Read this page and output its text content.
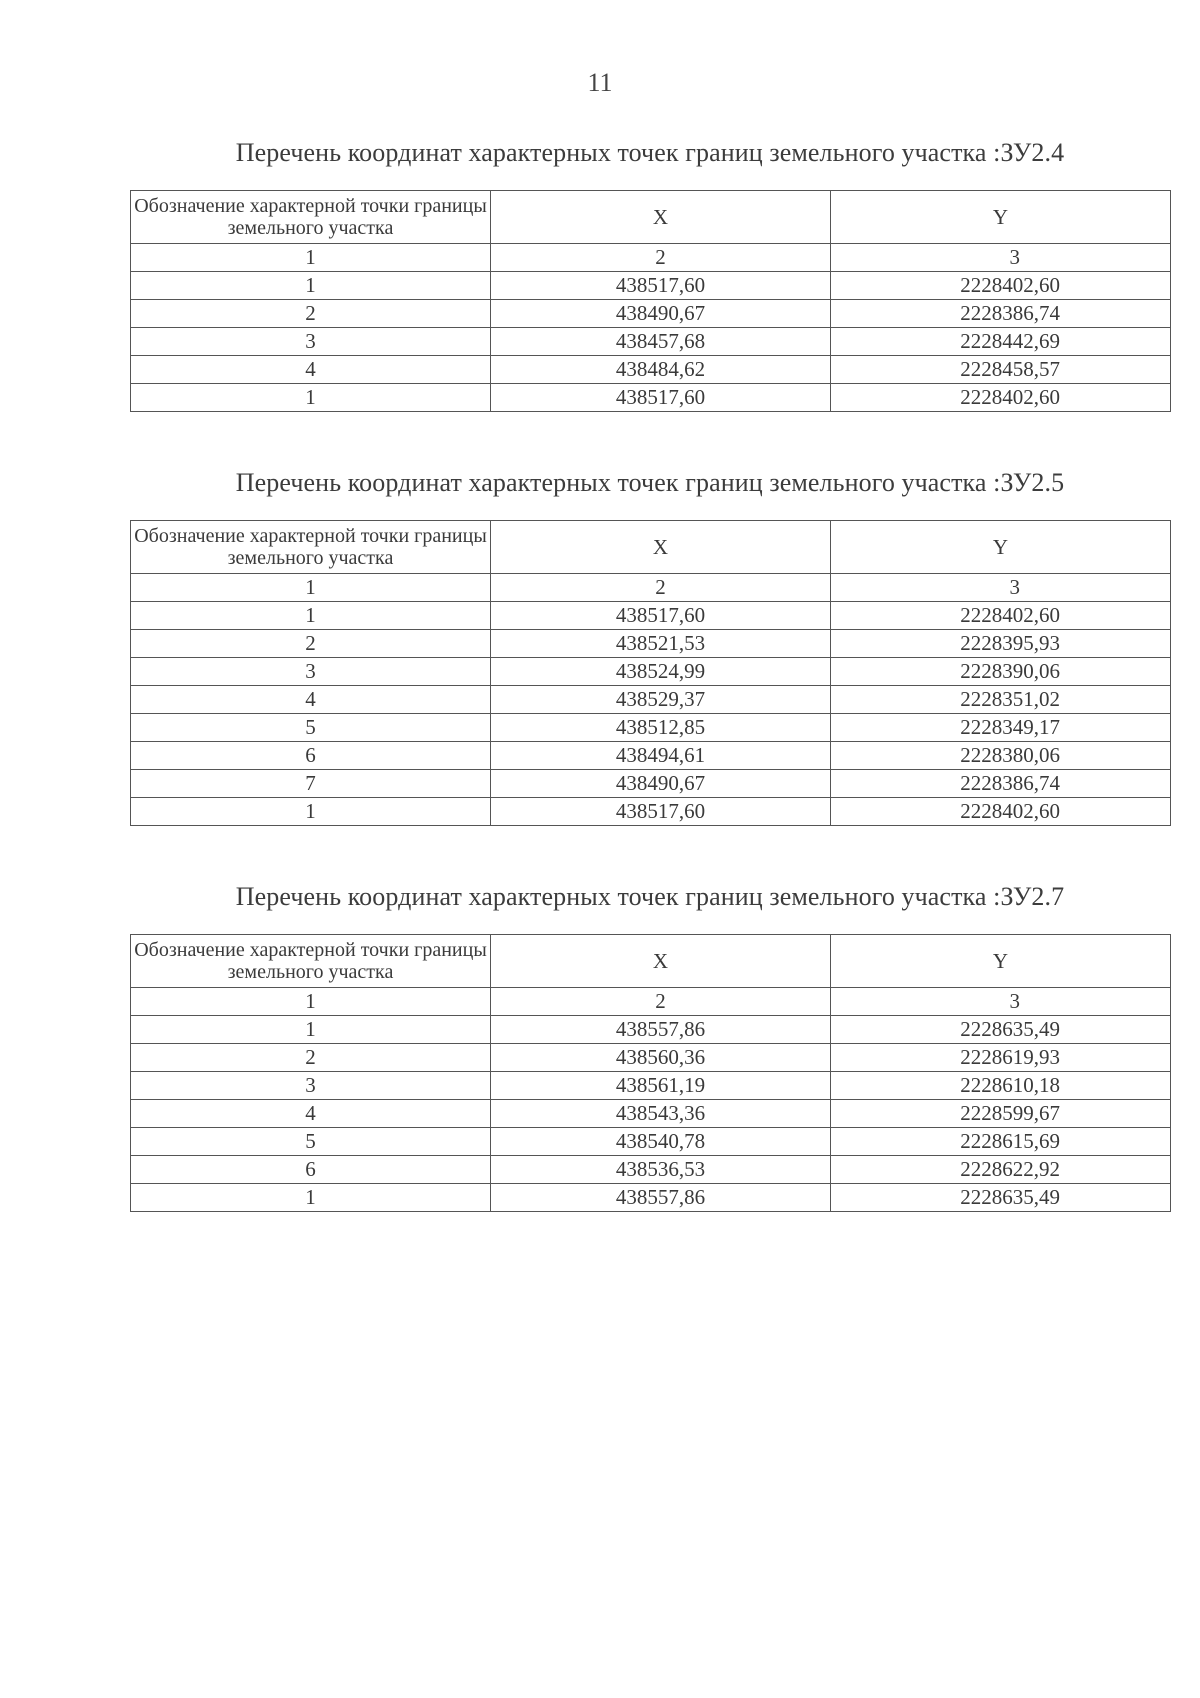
11
Перечень координат характерных точек границ земельного участка :ЗУ2.4
Обозначение характерной точки границы земельного участка	X	Y
1	2	3
1	438517,60	2228402,60
2	438490,67	2228386,74
3	438457,68	2228442,69
4	438484,62	2228458,57
1	438517,60	2228402,60
Перечень координат характерных точек границ земельного участка :ЗУ2.5
Обозначение характерной точки границы земельного участка	X	Y
1	2	3
1	438517,60	2228402,60
2	438521,53	2228395,93
3	438524,99	2228390,06
4	438529,37	2228351,02
5	438512,85	2228349,17
6	438494,61	2228380,06
7	438490,67	2228386,74
1	438517,60	2228402,60
Перечень координат характерных точек границ земельного участка :ЗУ2.7
Обозначение характерной точки границы земельного участка	X	Y
1	2	3
1	438557,86	2228635,49
2	438560,36	2228619,93
3	438561,19	2228610,18
4	438543,36	2228599,67
5	438540,78	2228615,69
6	438536,53	2228622,92
1	438557,86	2228635,49
